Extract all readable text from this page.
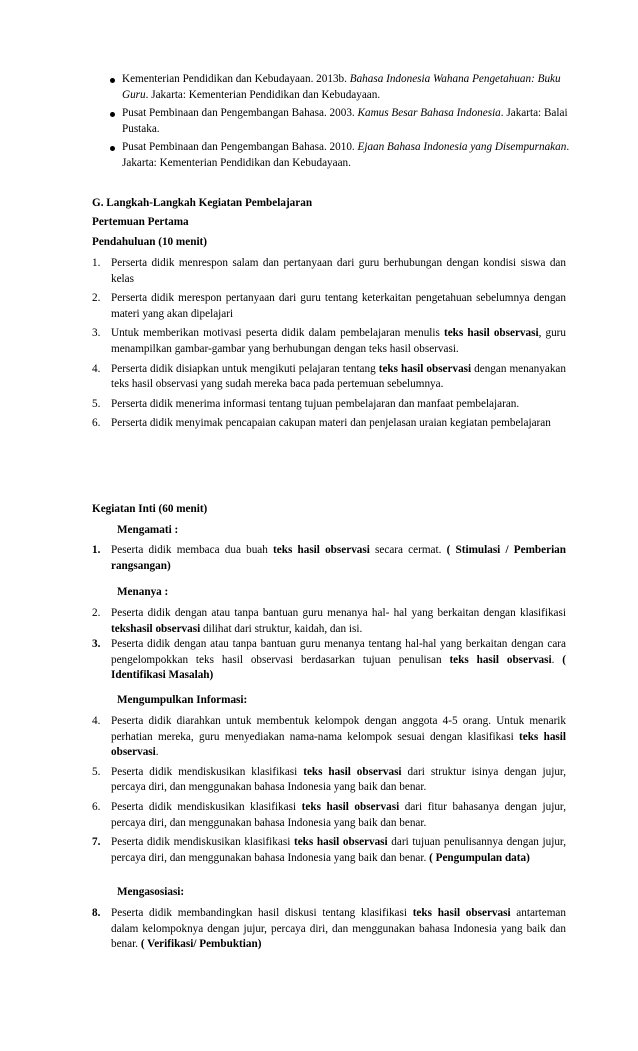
Kementerian Pendidikan dan Kebudayaan. 2013b. Bahasa Indonesia Wahana Pengetahuan: Buku Guru. Jakarta: Kementerian Pendidikan dan Kebudayaan.
Pusat Pembinaan dan Pengembangan Bahasa. 2003. Kamus Besar Bahasa Indonesia. Jakarta: Balai Pustaka.
Pusat Pembinaan dan Pengembangan Bahasa. 2010. Ejaan Bahasa Indonesia yang Disempurnakan. Jakarta: Kementerian Pendidikan dan Kebudayaan.
G. Langkah-Langkah Kegiatan Pembelajaran
Pertemuan Pertama
Pendahuluan (10 menit)
1. Perserta didik menrespon salam dan pertanyaan dari guru berhubungan dengan kondisi siswa dan kelas
2. Perserta didik merespon pertanyaan dari guru tentang keterkaitan pengetahuan sebelumnya dengan materi yang akan dipelajari
3. Untuk memberikan motivasi peserta didik dalam pembelajaran menulis teks hasil observasi, guru menampilkan gambar-gambar yang berhubungan dengan teks hasil observasi.
4. Perserta didik disiapkan untuk mengikuti pelajaran tentang teks hasil observasi dengan menanyakan teks hasil observasi yang sudah mereka baca pada pertemuan sebelumnya.
5. Perserta didik menerima informasi tentang tujuan pembelajaran dan manfaat pembelajaran.
6. Perserta didik menyimak pencapaian cakupan materi dan penjelasan uraian kegiatan pembelajaran
Kegiatan Inti (60 menit)
Mengamati :
1. Peserta didik membaca dua buah teks hasil observasi secara cermat. ( Stimulasi / Pemberian rangsangan)
Menanya :
2. Peserta didik dengan atau tanpa bantuan guru menanya hal- hal yang berkaitan dengan klasifikasi tekshasil observasi dilihat dari struktur, kaidah, dan isi.
3. Peserta didik dengan atau tanpa bantuan guru menanya tentang hal-hal yang berkaitan dengan cara pengelompokkan teks hasil observasi berdasarkan tujuan penulisan teks hasil observasi. ( Identifikasi Masalah)
Mengumpulkan Informasi:
4. Peserta didik diarahkan untuk membentuk kelompok dengan anggota 4-5 orang. Untuk menarik perhatian mereka, guru menyediakan nama-nama kelompok sesuai dengan klasifikasi teks hasil observasi.
5. Peserta didik mendiskusikan klasifikasi teks hasil observasi dari struktur isinya dengan jujur, percaya diri, dan menggunakan bahasa Indonesia yang baik dan benar.
6. Peserta didik mendiskusikan klasifikasi teks hasil observasi dari fitur bahasanya dengan jujur, percaya diri, dan menggunakan bahasa Indonesia yang baik dan benar.
7. Peserta didik mendiskusikan klasifikasi teks hasil observasi dari tujuan penulisannya dengan jujur, percaya diri, dan menggunakan bahasa Indonesia yang baik dan benar. ( Pengumpulan data)
Mengasosiasi:
8. Peserta didik membandingkan hasil diskusi tentang klasifikasi teks hasil observasi antarteman dalam kelompoknya dengan jujur, percaya diri, dan menggunakan bahasa Indonesia yang baik dan benar. ( Verifikasi/ Pembuktian)
